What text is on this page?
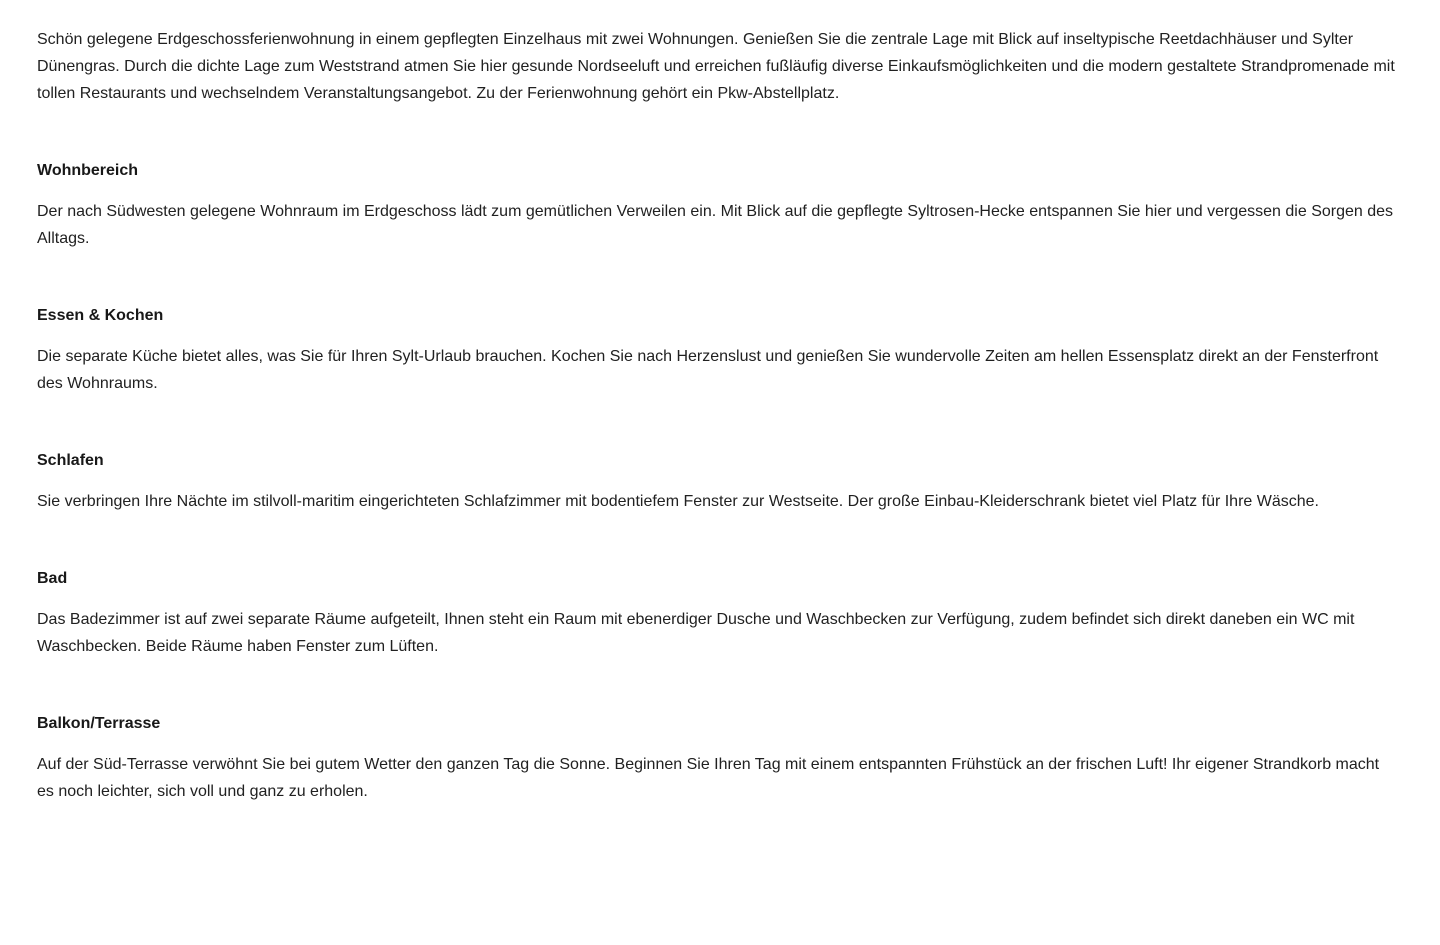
Schön gelegene Erdgeschossferienwohnung in einem gepflegten Einzelhaus mit zwei Wohnungen. Genießen Sie die zentrale Lage mit Blick auf inseltypische Reetdachhäuser und Sylter Dünengras. Durch die dichte Lage zum Weststrand atmen Sie hier gesunde Nordseeluft und erreichen fußläufig diverse Einkaufsmöglichkeiten und die modern gestaltete Strandpromenade mit tollen Restaurants und wechselndem Veranstaltungsangebot. Zu der Ferienwohnung gehört ein Pkw-Abstellplatz.

Wohnbereich

Der nach Südwesten gelegene Wohnraum im Erdgeschoss lädt zum gemütlichen Verweilen ein. Mit Blick auf die gepflegte Syltrosen-Hecke entspannen Sie hier und vergessen die Sorgen des Alltags.

Essen & Kochen

Die separate Küche bietet alles, was Sie für Ihren Sylt-Urlaub brauchen. Kochen Sie nach Herzenslust und genießen Sie wundervolle Zeiten am hellen Essensplatz direkt an der Fensterfront des Wohnraums.

Schlafen

Sie verbringen Ihre Nächte im stilvoll-maritim eingerichteten Schlafzimmer mit bodentiefem Fenster zur Westseite. Der große Einbau-Kleiderschrank bietet viel Platz für Ihre Wäsche.

Bad

Das Badezimmer ist auf zwei separate Räume aufgeteilt, Ihnen steht ein Raum mit ebenerdiger Dusche und Waschbecken zur Verfügung, zudem befindet sich direkt daneben ein WC mit Waschbecken. Beide Räume haben Fenster zum Lüften.

Balkon/Terrasse

Auf der Süd-Terrasse verwöhnt Sie bei gutem Wetter den ganzen Tag die Sonne. Beginnen Sie Ihren Tag mit einem entspannten Frühstück an der frischen Luft! Ihr eigener Strandkorb macht es noch leichter, sich voll und ganz zu erholen.
